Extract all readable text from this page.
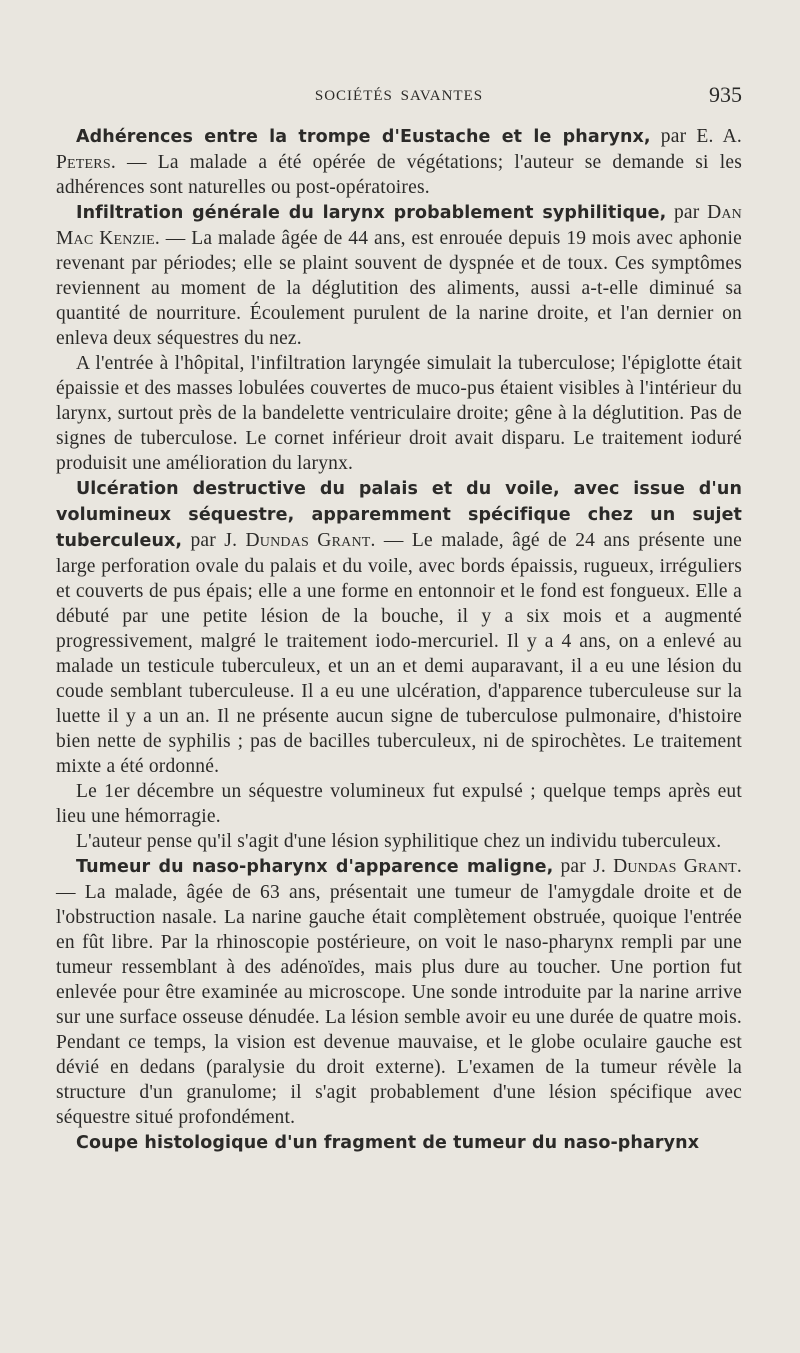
SOCIÉTÉS SAVANTES	935

Adhérences entre la trompe d'Eustache et le pharynx, par E. A. Peters. — La malade a été opérée de végétations; l'auteur se demande si les adhérences sont naturelles ou post-opératoires.

Infiltration générale du larynx probablement syphilitique, par Dan Mac Kenzie. — La malade âgée de 44 ans, est enrouée depuis 19 mois avec aphonie revenant par périodes; elle se plaint souvent de dyspnée et de toux. Ces symptômes reviennent au moment de la déglutition des aliments, aussi a-t-elle diminué sa quantité de nourriture. Écoulement purulent de la narine droite, et l'an dernier on enleva deux séquestres du nez.

A l'entrée à l'hôpital, l'infiltration laryngée simulait la tuberculose; l'épiglotte était épaissie et des masses lobulées couvertes de muco-pus étaient visibles à l'intérieur du larynx, surtout près de la bandelette ventriculaire droite; gêne à la déglutition. Pas de signes de tuberculose. Le cornet inférieur droit avait disparu. Le traitement ioduré produisit une amélioration du larynx.

Ulcération destructive du palais et du voile, avec issue d'un volumineux séquestre, apparemment spécifique chez un sujet tuberculeux, par J. Dundas Grant. — Le malade, âgé de 24 ans présente une large perforation ovale du palais et du voile, avec bords épaissis, rugueux, irréguliers et couverts de pus épais; elle a une forme en entonnoir et le fond est fongueux. Elle a débuté par une petite lésion de la bouche, il y a six mois et a augmenté progressivement, malgré le traitement iodo-mercuriel. Il y a 4 ans, on a enlevé au malade un testicule tuberculeux, et un an et demi auparavant, il a eu une lésion du coude semblant tuberculeuse. Il a eu une ulcération, d'apparence tuberculeuse sur la luette il y a un an. Il ne présente aucun signe de tuberculose pulmonaire, d'histoire bien nette de syphilis ; pas de bacilles tuberculeux, ni de spirochètes. Le traitement mixte a été ordonné.

Le 1er décembre un séquestre volumineux fut expulsé ; quelque temps après eut lieu une hémorragie.

L'auteur pense qu'il s'agit d'une lésion syphilitique chez un individu tuberculeux.

Tumeur du naso-pharynx d'apparence maligne, par J. Dundas Grant. — La malade, âgée de 63 ans, présentait une tumeur de l'amygdale droite et de l'obstruction nasale. La narine gauche était complètement obstruée, quoique l'entrée en fût libre. Par la rhinoscopie postérieure, on voit le naso-pharynx rempli par une tumeur ressemblant à des adénoïdes, mais plus dure au toucher. Une portion fut enlevée pour être examinée au microscope. Une sonde introduite par la narine arrive sur une surface osseuse dénudée. La lésion semble avoir eu une durée de quatre mois. Pendant ce temps, la vision est devenue mauvaise, et le globe oculaire gauche est dévié en dedans (paralysie du droit externe). L'examen de la tumeur révèle la structure d'un granulome; il s'agit probablement d'une lésion spécifique avec séquestre situé profondément.

Coupe histologique d'un fragment de tumeur du naso-pharynx
